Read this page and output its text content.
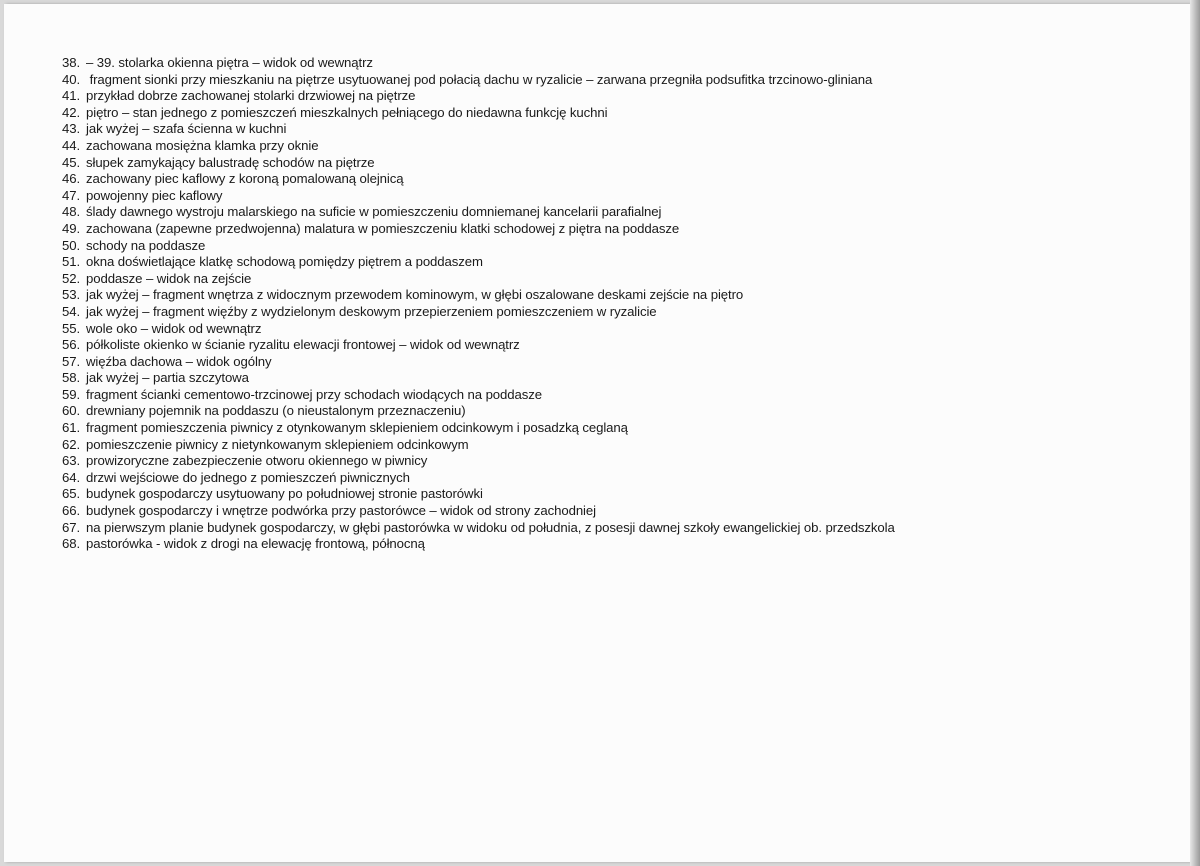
38. – 39. stolarka okienna piętra – widok od wewnątrz
40. fragment sionki przy mieszkaniu na piętrze usytuowanej pod połacią dachu w ryzalicie – zarwana przegniła podsufitka trzcinowo-gliniana
41. przykład dobrze zachowanej stolarki drzwiowej na piętrze
42. piętro – stan jednego z pomieszczeń mieszkalnych pełniącego do niedawna funkcję kuchni
43. jak wyżej – szafa ścienna w kuchni
44. zachowana mosiężna klamka przy oknie
45. słupek zamykający balustradę schodów na piętrze
46. zachowany piec kaflowy z koroną pomalowaną olejnicą
47. powojenny piec kaflowy
48. ślady dawnego wystroju malarskiego na suficie w pomieszczeniu domniemanej kancelarii parafialnej
49. zachowana (zapewne przedwojenna) malatura w pomieszczeniu klatki schodowej z piętra na poddasze
50. schody na poddasze
51. okna doświetlające klatkę schodową pomiędzy piętrem a poddaszem
52. poddasze – widok na zejście
53. jak wyżej – fragment wnętrza z widocznym przewodem kominowym, w głębi oszalowane deskami zejście na piętro
54. jak wyżej – fragment więźby z wydzielonym deskowym przepierzeniem pomieszczeniem w ryzalicie
55. wole oko – widok od wewnątrz
56. półkoliste okienko w ścianie ryzalitu elewacji frontowej – widok od wewnątrz
57. więźba dachowa – widok ogólny
58. jak wyżej – partia szczytowa
59. fragment ścianki cementowo-trzcinowej przy schodach wiodących na poddasze
60. drewniany pojemnik na poddaszu (o nieustalonym przeznaczeniu)
61. fragment pomieszczenia piwnicy z otynkowanym sklepieniem odcinkowym i posadzką ceglaną
62. pomieszczenie piwnicy z nietynkowanym sklepieniem odcinkowym
63. prowizoryczne zabezpieczenie otworu okiennego w piwnicy
64. drzwi wejściowe do jednego z pomieszczeń piwnicznych
65. budynek gospodarczy usytuowany po południowej stronie pastorówki
66. budynek gospodarczy i wnętrze podwórka przy pastorówce – widok od strony zachodniej
67. na pierwszym planie budynek gospodarczy, w głębi pastorówka w widoku od południa, z posesji dawnej szkoły ewangelickiej ob. przedszkola
68. pastorówka - widok z drogi na elewację frontową, północną
